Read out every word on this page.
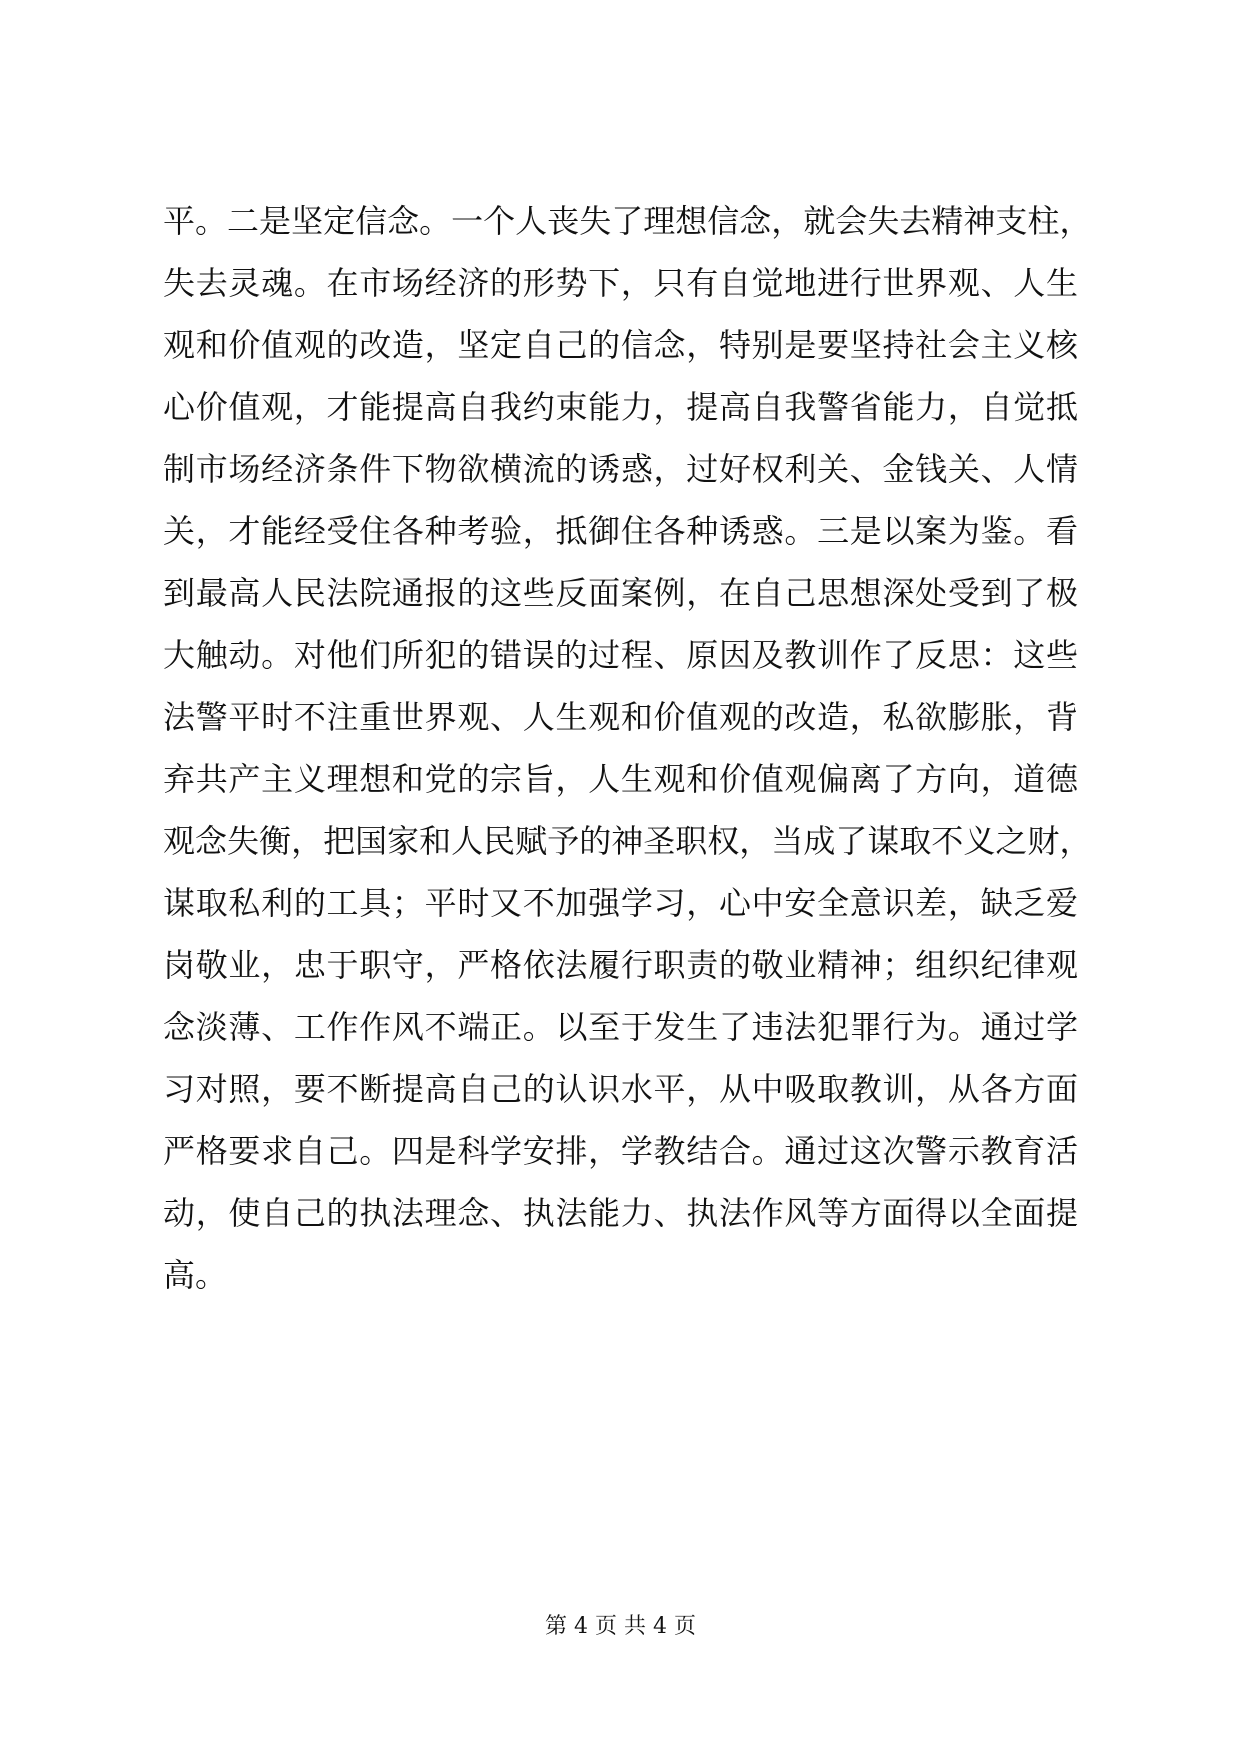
平 。 二 是 坚 定 信 念 。 一 个 人 丧 失 了 理 想 信 念 ， 就 会 失 去 精 神 支 柱 ，
失 去 灵 魂 。 在 市 场 经 济 的 形 势 下 ， 只 有 自 觉 地 进 行 世 界 观 、 人 生
观 和 价 值 观 的 改 造 ， 坚 定 自 己 的 信 念 ， 特 别 是 要 坚 持 社 会 主 义 核
心 价 值 观 ， 才 能 提 高 自 我 约 束 能 力 ， 提 高 自 我 警 省 能 力 ， 自 觉 抵
制 市 场 经 济 条 件 下 物 欲 横 流 的 诱 惑 ， 过 好 权 利 关 、 金 钱 关 、 人 情
关 ， 才 能 经 受 住 各 种 考 验 ， 抵 御 住 各 种 诱 惑 。 三 是 以 案 为 鉴 。 看
到 最 高 人 民 法 院 通 报 的 这 些 反 面 案 例 ， 在 自 己 思 想 深 处 受 到 了 极
大 触 动 。 对 他 们 所 犯 的 错 误 的 过 程 、 原 因 及 教 训 作 了 反 思 ： 这 些
法 警 平 时 不 注 重 世 界 观 、 人 生 观 和 价 值 观 的 改 造 ， 私 欲 膨 胀 ， 背
弃 共 产 主 义 理 想 和 党 的 宗 旨 ， 人 生 观 和 价 值 观 偏 离 了 方 向 ， 道 德
观 念 失 衡 ， 把 国 家 和 人 民 赋 予 的 神 圣 职 权 ， 当 成 了 谋 取 不 义 之 财 ，
谋 取 私 利 的 工 具 ； 平 时 又 不 加 强 学 习 ， 心 中 安 全 意 识 差 ， 缺 乏 爱
岗 敬 业 ， 忠 于 职 守 ， 严 格 依 法 履 行 职 责 的 敬 业 精 神 ； 组 织 纪 律 观
念 淡 薄 、 工 作 作 风 不 端 正 。 以 至 于 发 生 了 违 法 犯 罪 行 为 。 通 过 学
习 对 照 ， 要 不 断 提 高 自 己 的 认 识 水 平 ， 从 中 吸 取 教 训 ， 从 各 方 面
严 格 要 求 自 己 。 四 是 科 学 安 排 ， 学 教 结 合 。 通 过 这 次 警 示 教 育 活
动 ， 使 自 己 的 执 法 理 念 、 执 法 能 力 、 执 法 作 风 等 方 面 得 以 全 面 提
高。
第 4 页 共 4 页
